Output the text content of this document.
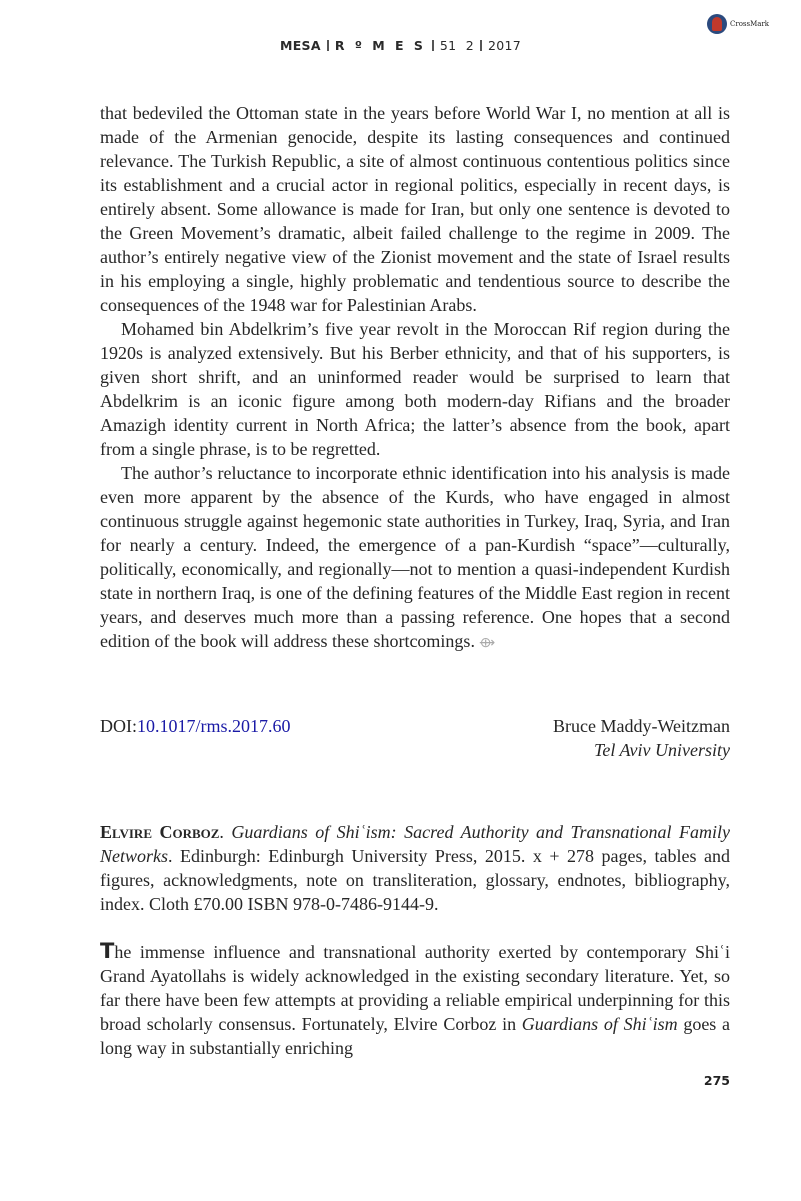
MESA R º M E S 51 2 2017
CrossMark

that bedeviled the Ottoman state in the years before World War I, no mention at all is made of the Armenian genocide, despite its lasting consequences and continued relevance. The Turkish Republic, a site of almost continuous contentious politics since its establishment and a crucial actor in regional politics, especially in recent days, is entirely absent. Some allowance is made for Iran, but only one sentence is devoted to the Green Movement’s dramatic, albeit failed challenge to the regime in 2009. The author’s entirely negative view of the Zionist movement and the state of Israel results in his employing a single, highly problematic and tendentious source to describe the consequences of the 1948 war for Palestinian Arabs.

Mohamed bin Abdelkrim’s five year revolt in the Moroccan Rif region during the 1920s is analyzed extensively. But his Berber ethnicity, and that of his supporters, is given short shrift, and an uninformed reader would be surprised to learn that Abdelkrim is an iconic figure among both modern-day Rifians and the broader Amazigh identity current in North Africa; the latter’s absence from the book, apart from a single phrase, is to be regretted.

The author’s reluctance to incorporate ethnic identification into his analysis is made even more apparent by the absence of the Kurds, who have engaged in almost continuous struggle against hegemonic state authorities in Turkey, Iraq, Syria, and Iran for nearly a century. Indeed, the emergence of a pan-Kurdish “space”—culturally, politically, economically, and regionally—not to mention a quasi-independent Kurdish state in northern Iraq, is one of the defining features of the Middle East region in recent years, and deserves much more than a passing reference. One hopes that a second edition of the book will address these shortcomings. ⟴

DOI:10.1017/rms.2017.60	Bruce Maddy-Weitzman
Tel Aviv University

Elvire Corboz. Guardians of Shiʿism: Sacred Authority and Transnational Family Networks. Edinburgh: Edinburgh University Press, 2015. x + 278 pages, tables and figures, acknowledgments, note on transliteration, glossary, endnotes, bibliography, index. Cloth £70.00 ISBN 978-0-7486-9144-9.

The immense influence and transnational authority exerted by contemporary Shiʿi Grand Ayatollahs is widely acknowledged in the existing secondary literature. Yet, so far there have been few attempts at providing a reliable empirical underpinning for this broad scholarly consensus. Fortunately, Elvire Corboz in Guardians of Shiʿism goes a long way in substantially enriching

275
